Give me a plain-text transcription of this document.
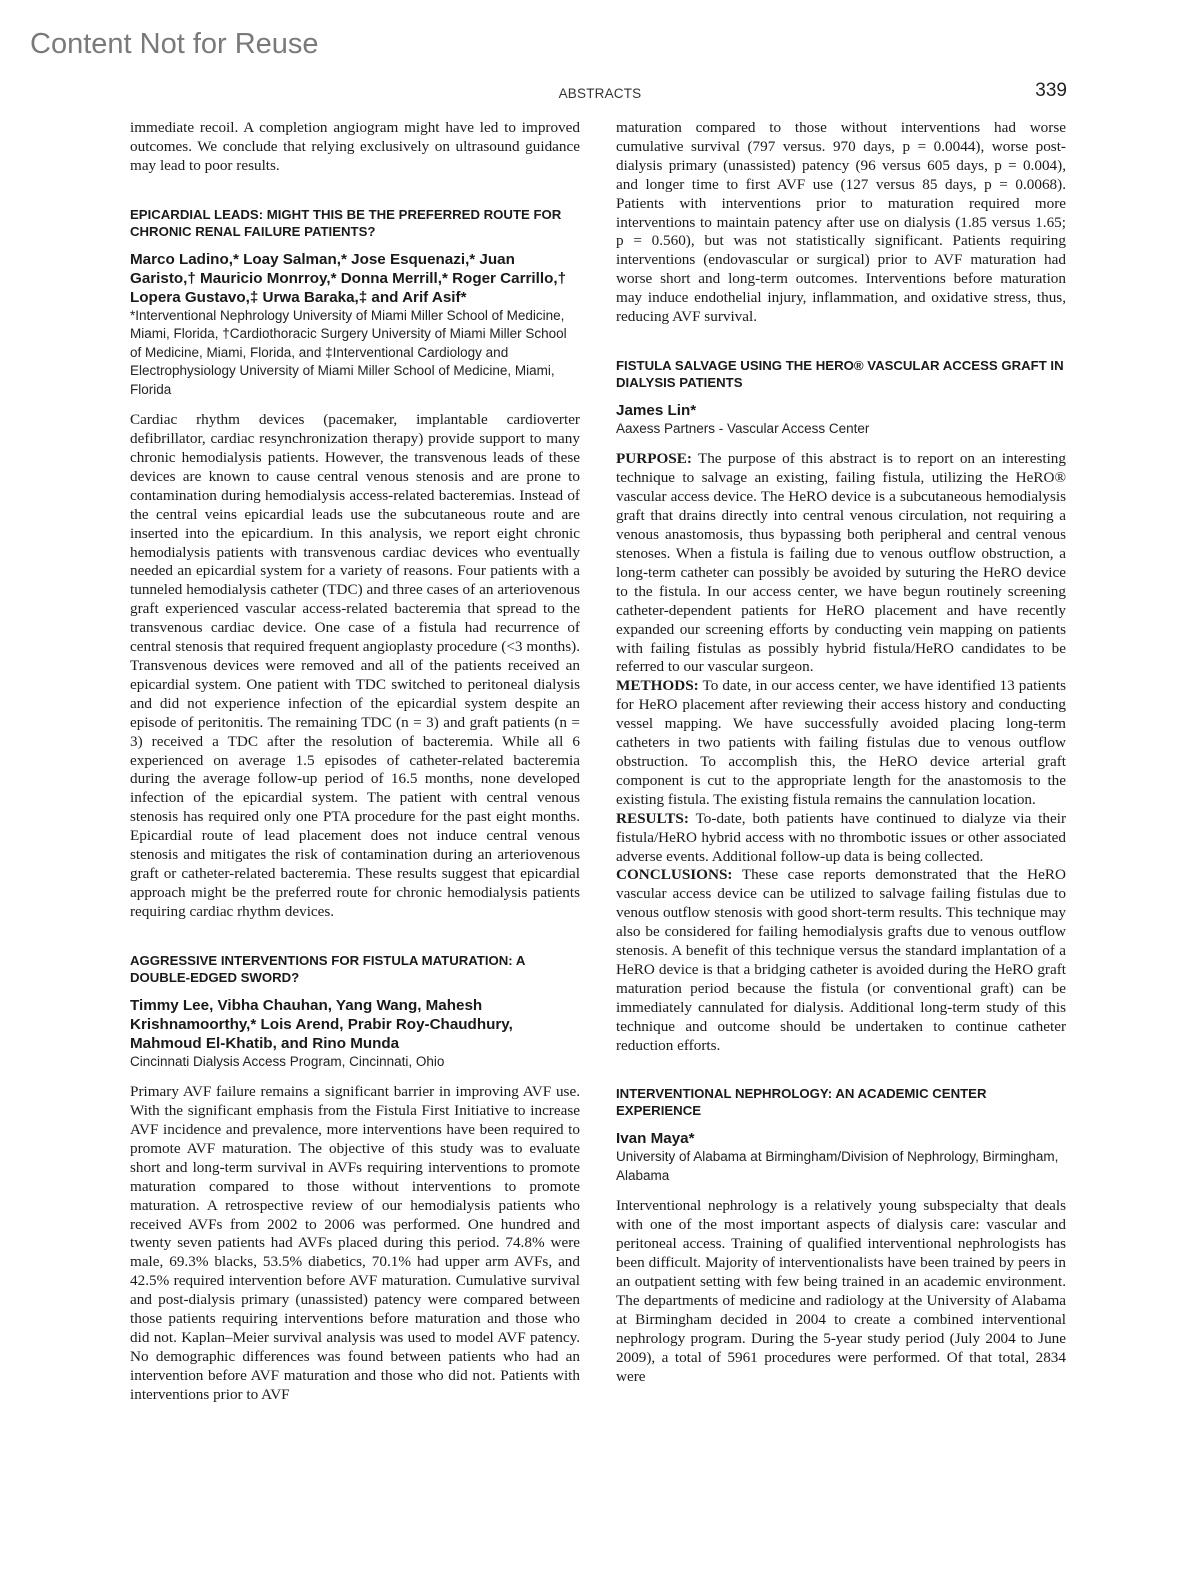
Content Not for Reuse
ABSTRACTS	339

immediate recoil. A completion angiogram might have led to improved outcomes. We conclude that relying exclusively on ultrasound guidance may lead to poor results.

EPICARDIAL LEADS: MIGHT THIS BE THE PREFERRED ROUTE FOR CHRONIC RENAL FAILURE PATIENTS?
Marco Ladino,* Loay Salman,* Jose Esquenazi,* Juan Garisto,† Mauricio Monrroy,* Donna Merrill,* Roger Carrillo,† Lopera Gustavo,‡ Urwa Baraka,‡ and Arif Asif*
*Interventional Nephrology University of Miami Miller School of Medicine, Miami, Florida, †Cardiothoracic Surgery University of Miami Miller School of Medicine, Miami, Florida, and ‡Interventional Cardiology and Electrophysiology University of Miami Miller School of Medicine, Miami, Florida

Cardiac rhythm devices (pacemaker, implantable cardioverter defibrillator, cardiac resynchronization therapy) provide support to many chronic hemodialysis patients. However, the transvenous leads of these devices are known to cause central venous stenosis and are prone to contamination during hemodialysis access-related bacteremias. Instead of the central veins epicardial leads use the subcutaneous route and are inserted into the epicardium. In this analysis, we report eight chronic hemodialysis patients with transvenous cardiac devices who eventually needed an epicardial system for a variety of reasons. Four patients with a tunneled hemodialysis catheter (TDC) and three cases of an arteriovenous graft experienced vascular access-related bacteremia that spread to the transvenous cardiac device. One case of a fistula had recurrence of central stenosis that required frequent angioplasty procedure (<3 months). Transvenous devices were removed and all of the patients received an epicardial system. One patient with TDC switched to peritoneal dialysis and did not experience infection of the epicardial system despite an episode of peritonitis. The remaining TDC (n = 3) and graft patients (n = 3) received a TDC after the resolution of bacteremia. While all 6 experienced on average 1.5 episodes of catheter-related bacteremia during the average follow-up period of 16.5 months, none developed infection of the epicardial system. The patient with central venous stenosis has required only one PTA procedure for the past eight months. Epicardial route of lead placement does not induce central venous stenosis and mitigates the risk of contamination during an arteriovenous graft or catheter-related bacteremia. These results suggest that epicardial approach might be the preferred route for chronic hemodialysis patients requiring cardiac rhythm devices.

AGGRESSIVE INTERVENTIONS FOR FISTULA MATURATION: A DOUBLE-EDGED SWORD?
Timmy Lee, Vibha Chauhan, Yang Wang, Mahesh Krishnamoorthy,* Lois Arend, Prabir Roy-Chaudhury, Mahmoud El-Khatib, and Rino Munda
Cincinnati Dialysis Access Program, Cincinnati, Ohio

Primary AVF failure remains a significant barrier in improving AVF use. With the significant emphasis from the Fistula First Initiative to increase AVF incidence and prevalence, more interventions have been required to promote AVF maturation. The objective of this study was to evaluate short and long-term survival in AVFs requiring interventions to promote maturation compared to those without interventions to promote maturation. A retrospective review of our hemodialysis patients who received AVFs from 2002 to 2006 was performed. One hundred and twenty seven patients had AVFs placed during this period. 74.8% were male, 69.3% blacks, 53.5% diabetics, 70.1% had upper arm AVFs, and 42.5% required intervention before AVF maturation. Cumulative survival and post-dialysis primary (unassisted) patency were compared between those patients requiring interventions before maturation and those who did not. Kaplan–Meier survival analysis was used to model AVF patency. No demographic differences was found between patients who had an intervention before AVF maturation and those who did not. Patients with interventions prior to AVF

maturation compared to those without interventions had worse cumulative survival (797 versus. 970 days, p = 0.0044), worse post-dialysis primary (unassisted) patency (96 versus 605 days, p = 0.004), and longer time to first AVF use (127 versus 85 days, p = 0.0068). Patients with interventions prior to maturation required more interventions to maintain patency after use on dialysis (1.85 versus 1.65; p = 0.560), but was not statistically significant. Patients requiring interventions (endovascular or surgical) prior to AVF maturation had worse short and long-term outcomes. Interventions before maturation may induce endothelial injury, inflammation, and oxidative stress, thus, reducing AVF survival.

FISTULA SALVAGE USING THE HERO® VASCULAR ACCESS GRAFT IN DIALYSIS PATIENTS
James Lin*
Aaxess Partners - Vascular Access Center

PURPOSE: The purpose of this abstract is to report on an interesting technique to salvage an existing, failing fistula, utilizing the HeRO® vascular access device. The HeRO device is a subcutaneous hemodialysis graft that drains directly into central venous circulation, not requiring a venous anastomosis, thus bypassing both peripheral and central venous stenoses. When a fistula is failing due to venous outflow obstruction, a long-term catheter can possibly be avoided by suturing the HeRO device to the fistula. In our access center, we have begun routinely screening catheter-dependent patients for HeRO placement and have recently expanded our screening efforts by conducting vein mapping on patients with failing fistulas as possibly hybrid fistula/HeRO candidates to be referred to our vascular surgeon.

METHODS: To date, in our access center, we have identified 13 patients for HeRO placement after reviewing their access history and conducting vessel mapping. We have successfully avoided placing long-term catheters in two patients with failing fistulas due to venous outflow obstruction. To accomplish this, the HeRO device arterial graft component is cut to the appropriate length for the anastomosis to the existing fistula. The existing fistula remains the cannulation location.

RESULTS: To-date, both patients have continued to dialyze via their fistula/HeRO hybrid access with no thrombotic issues or other associated adverse events. Additional follow-up data is being collected.

CONCLUSIONS: These case reports demonstrated that the HeRO vascular access device can be utilized to salvage failing fistulas due to venous outflow stenosis with good short-term results. This technique may also be considered for failing hemodialysis grafts due to venous outflow stenosis. A benefit of this technique versus the standard implantation of a HeRO device is that a bridging catheter is avoided during the HeRO graft maturation period because the fistula (or conventional graft) can be immediately cannulated for dialysis. Additional long-term study of this technique and outcome should be undertaken to continue catheter reduction efforts.

INTERVENTIONAL NEPHROLOGY: AN ACADEMIC CENTER EXPERIENCE
Ivan Maya*
University of Alabama at Birmingham/Division of Nephrology, Birmingham, Alabama

Interventional nephrology is a relatively young subspecialty that deals with one of the most important aspects of dialysis care: vascular and peritoneal access. Training of qualified interventional nephrologists has been difficult. Majority of interventionalists have been trained by peers in an outpatient setting with few being trained in an academic environment. The departments of medicine and radiology at the University of Alabama at Birmingham decided in 2004 to create a combined interventional nephrology program. During the 5-year study period (July 2004 to June 2009), a total of 5961 procedures were performed. Of that total, 2834 were
